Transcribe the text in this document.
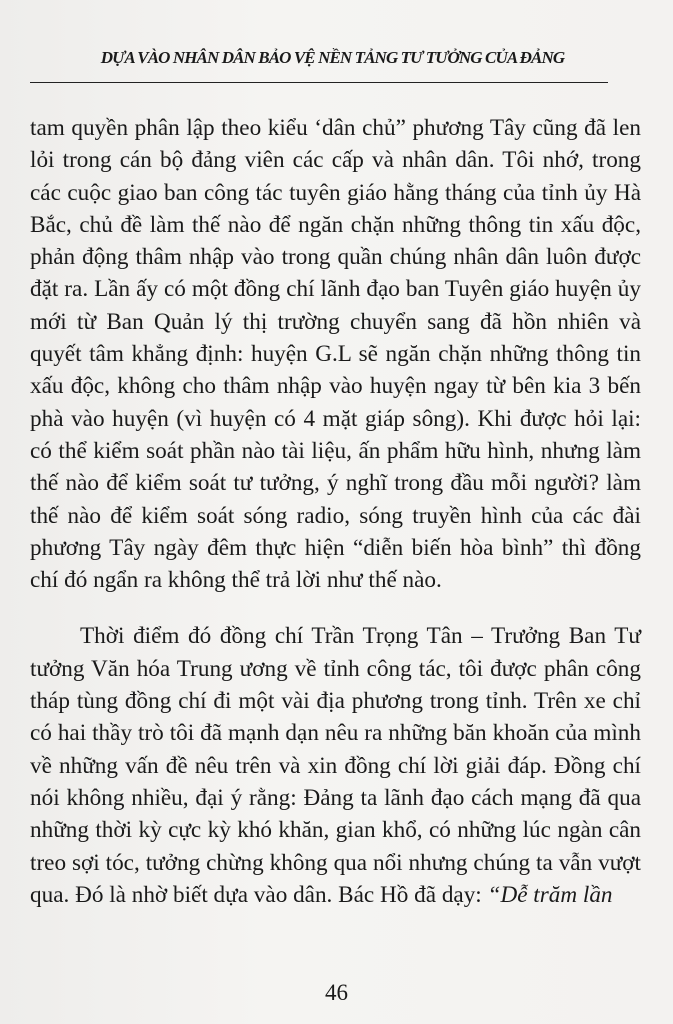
DỰA VÀO NHÂN DÂN BẢO VỆ NỀN TẢNG TƯ TƯỞNG CỦA ĐẢNG

tam quyền phân lập theo kiểu ‘dân chủ” phương Tây cũng đã len lỏi trong cán bộ đảng viên các cấp và nhân dân. Tôi nhớ, trong các cuộc giao ban công tác tuyên giáo hằng tháng của tỉnh ủy Hà Bắc, chủ đề làm thế nào để ngăn chặn những thông tin xấu độc, phản động thâm nhập vào trong quần chúng nhân dân luôn được đặt ra. Lần ấy có một đồng chí lãnh đạo ban Tuyên giáo huyện ủy mới từ Ban Quản lý thị trường chuyển sang đã hồn nhiên và quyết tâm khẳng định: huyện G.L sẽ ngăn chặn những thông tin xấu độc, không cho thâm nhập vào huyện ngay từ bên kia 3 bến phà vào huyện (vì huyện có 4 mặt giáp sông). Khi được hỏi lại: có thể kiểm soát phần nào tài liệu, ấn phẩm hữu hình, nhưng làm thế nào để kiểm soát tư tưởng, ý nghĩ trong đầu mỗi người? làm thế nào để kiểm soát sóng radio, sóng truyền hình của các đài phương Tây ngày đêm thực hiện “diễn biến hòa bình” thì đồng chí đó ngẩn ra không thể trả lời như thế nào.

Thời điểm đó đồng chí Trần Trọng Tân – Trưởng Ban Tư tưởng Văn hóa Trung ương về tỉnh công tác, tôi được phân công tháp tùng đồng chí đi một vài địa phương trong tỉnh. Trên xe chỉ có hai thầy trò tôi đã mạnh dạn nêu ra những băn khoăn của mình về những vấn đề nêu trên và xin đồng chí lời giải đáp. Đồng chí nói không nhiều, đại ý rằng: Đảng ta lãnh đạo cách mạng đã qua những thời kỳ cực kỳ khó khăn, gian khổ, có những lúc ngàn cân treo sợi tóc, tưởng chừng không qua nổi nhưng chúng ta vẫn vượt qua. Đó là nhờ biết dựa vào dân. Bác Hồ đã dạy: “Dễ trăm lần

46
